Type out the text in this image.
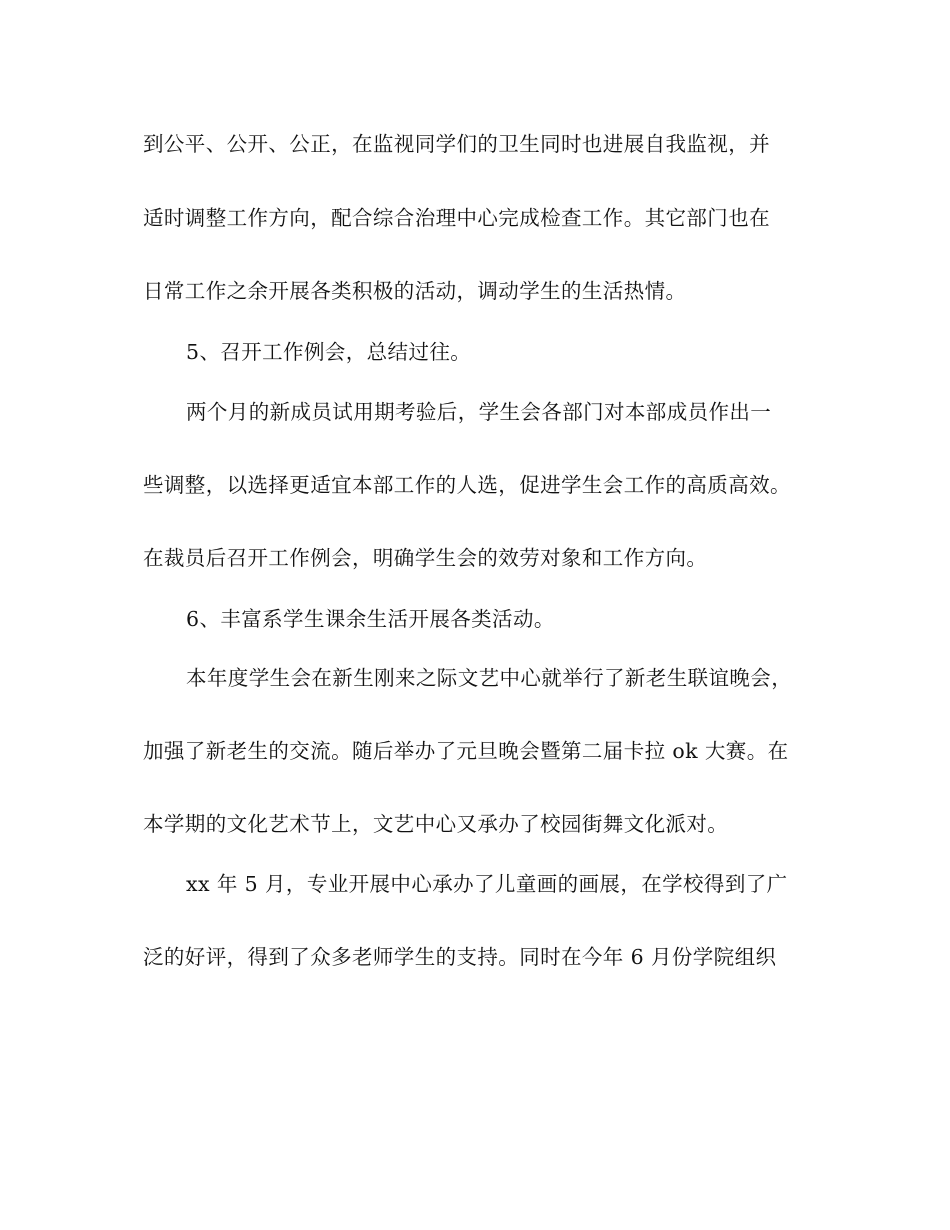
到公平、公开、公正，在监视同学们的卫生同时也进展自我监视，并
适时调整工作方向，配合综合治理中心完成检查工作。其它部门也在
日常工作之余开展各类积极的活动，调动学生的生活热情。
5、召开工作例会，总结过往。
两个月的新成员试用期考验后，学生会各部门对本部成员作出一
些调整，以选择更适宜本部工作的人选，促进学生会工作的高质高效。
在裁员后召开工作例会，明确学生会的效劳对象和工作方向。
6、丰富系学生课余生活开展各类活动。
本年度学生会在新生刚来之际文艺中心就举行了新老生联谊晚会，
加强了新老生的交流。随后举办了元旦晚会暨第二届卡拉 ok 大赛。在
本学期的文化艺术节上，文艺中心又承办了校园街舞文化派对。
xx 年 5 月，专业开展中心承办了儿童画的画展，在学校得到了广
泛的好评，得到了众多老师学生的支持。同时在今年 6 月份学院组织
